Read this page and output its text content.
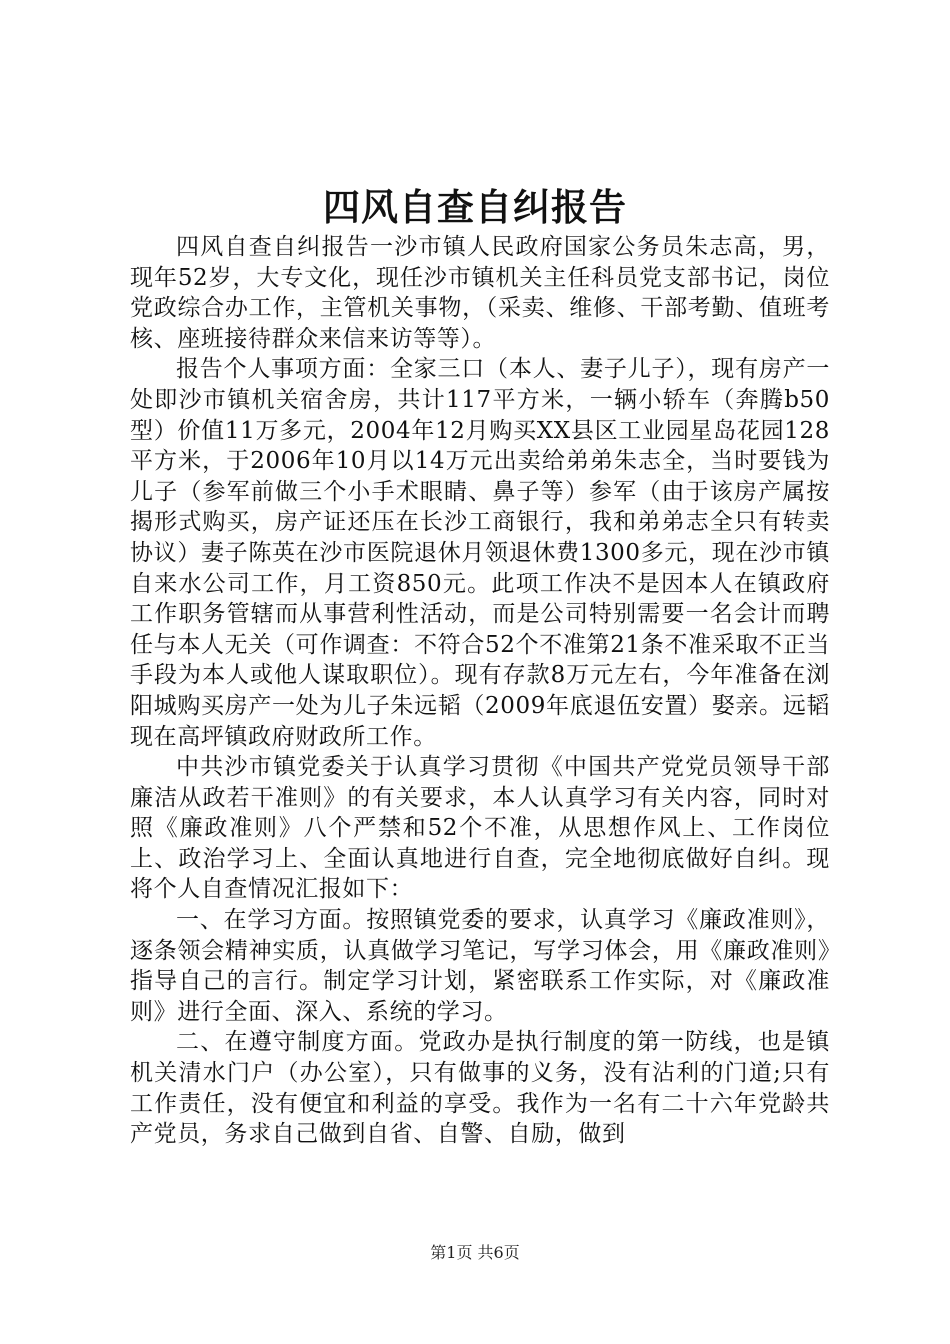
四风自查自纠报告

四风自查自纠报告一沙市镇人民政府国家公务员朱志高，男，现年52岁，大专文化，现任沙市镇机关主任科员党支部书记，岗位党政综合办工作，主管机关事物，（采卖、维修、干部考勤、值班考核、座班接待群众来信来访等等）。

报告个人事项方面：全家三口（本人、妻子儿子），现有房产一处即沙市镇机关宿舍房，共计117平方米，一辆小轿车（奔腾b50型）价值11万多元，2004年12月购买XX县区工业园星岛花园128平方米，于2006年10月以14万元出卖给弟弟朱志全，当时要钱为儿子（参军前做三个小手术眼睛、鼻子等）参军（由于该房产属按揭形式购买，房产证还压在长沙工商银行，我和弟弟志全只有转卖协议）妻子陈英在沙市医院退休月领退休费1300多元，现在沙市镇自来水公司工作，月工资850元。此项工作决不是因本人在镇政府工作职务管辖而从事营利性活动，而是公司特别需要一名会计而聘任与本人无关（可作调查：不符合52个不准第21条不准采取不正当手段为本人或他人谋取职位）。现有存款8万元左右，今年准备在浏阳城购买房产一处为儿子朱远韬（2009年底退伍安置）娶亲。远韬现在高坪镇政府财政所工作。

中共沙市镇党委关于认真学习贯彻《中国共产党党员领导干部廉洁从政若干准则》的有关要求，本人认真学习有关内容，同时对照《廉政准则》八个严禁和52个不准，从思想作风上、工作岗位上、政治学习上、全面认真地进行自查，完全地彻底做好自纠。现将个人自查情况汇报如下：

一、在学习方面。按照镇党委的要求，认真学习《廉政准则》，逐条领会精神实质，认真做学习笔记，写学习体会，用《廉政准则》指导自己的言行。制定学习计划，紧密联系工作实际，对《廉政准则》进行全面、深入、系统的学习。

二、在遵守制度方面。党政办是执行制度的第一防线，也是镇机关清水门户（办公室），只有做事的义务，没有沾利的门道;只有工作责任，没有便宜和利益的享受。我作为一名有二十六年党龄共产党员，务求自己做到自省、自警、自励，做到

第1页 共6页
